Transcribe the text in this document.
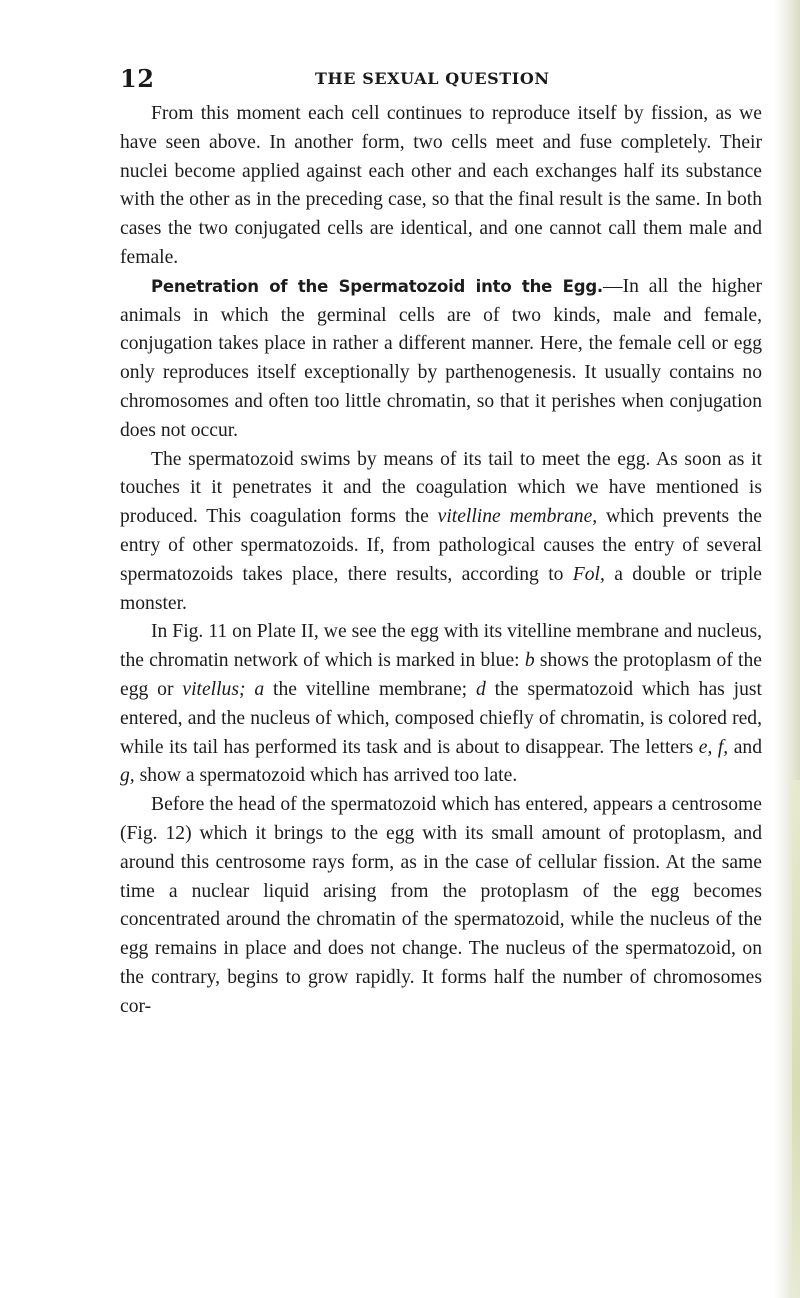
12	THE SEXUAL QUESTION

From this moment each cell continues to reproduce itself by fission, as we have seen above. In another form, two cells meet and fuse completely. Their nuclei become applied against each other and each exchanges half its substance with the other as in the preceding case, so that the final result is the same. In both cases the two conjugated cells are identical, and one cannot call them male and female.

Penetration of the Spermatozoid into the Egg.—In all the higher animals in which the germinal cells are of two kinds, male and female, conjugation takes place in rather a different manner. Here, the female cell or egg only reproduces itself exceptionally by parthenogenesis. It usually contains no chromosomes and often too little chromatin, so that it perishes when conjugation does not occur.

The spermatozoid swims by means of its tail to meet the egg. As soon as it touches it it penetrates it and the coagulation which we have mentioned is produced. This coagulation forms the vitelline membrane, which prevents the entry of other spermatozoids. If, from pathological causes the entry of several spermatozoids takes place, there results, according to Fol, a double or triple monster.

In Fig. 11 on Plate II, we see the egg with its vitelline membrane and nucleus, the chromatin network of which is marked in blue: b shows the protoplasm of the egg or vitellus; a the vitelline membrane; d the spermatozoid which has just entered, and the nucleus of which, composed chiefly of chromatin, is colored red, while its tail has performed its task and is about to disappear. The letters e, f, and g, show a spermatozoid which has arrived too late.

Before the head of the spermatozoid which has entered, appears a centrosome (Fig. 12) which it brings to the egg with its small amount of protoplasm, and around this centrosome rays form, as in the case of cellular fission. At the same time a nuclear liquid arising from the protoplasm of the egg becomes concentrated around the chromatin of the spermatozoid, while the nucleus of the egg remains in place and does not change. The nucleus of the spermatozoid, on the contrary, begins to grow rapidly. It forms half the number of chromosomes cor-
